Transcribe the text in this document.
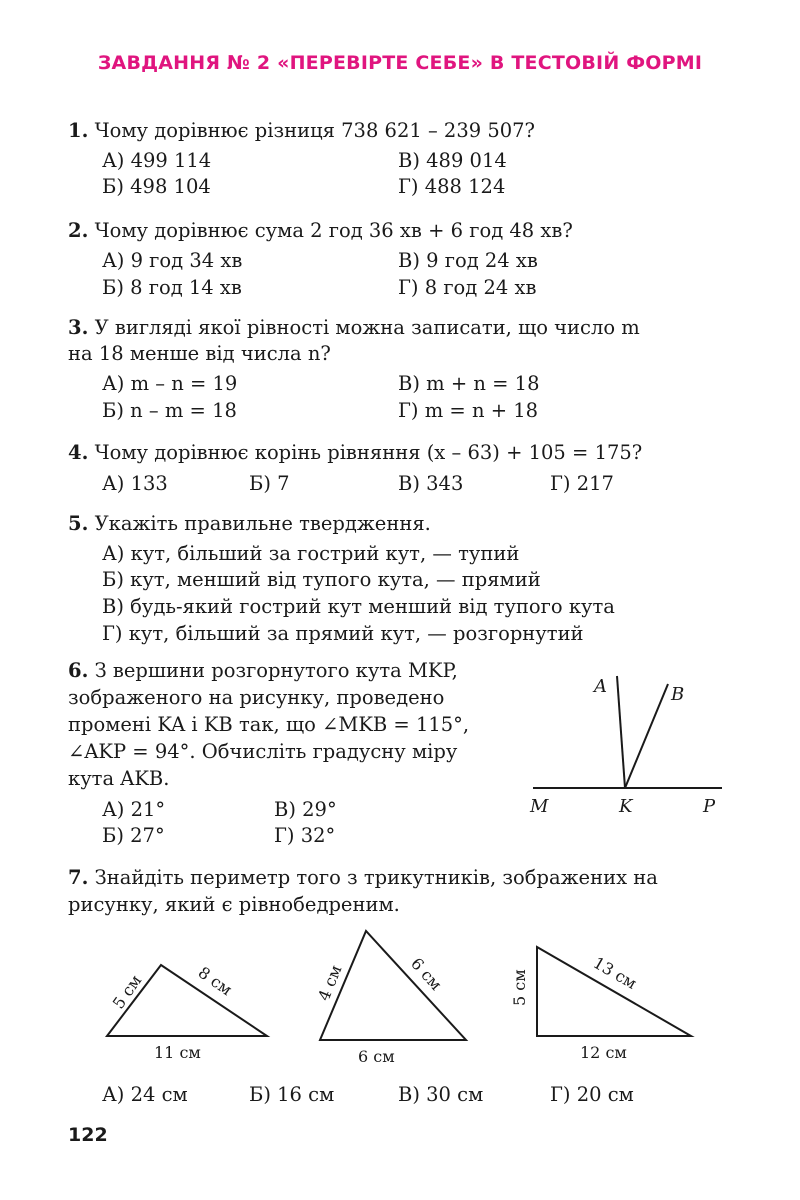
ЗАВДАННЯ № 2 «ПЕРЕВІРТЕ СЕБЕ» В ТЕСТОВІЙ ФОРМІ
1. Чому дорівнює різниця 738 621 – 239 507?
А) 499 114	В) 489 014
Б) 498 104	Г) 488 124
2. Чому дорівнює сума 2 год 36 хв + 6 год 48 хв?
А) 9 год 34 хв	В) 9 год 24 хв
Б) 8 год 14 хв	Г) 8 год 24 хв
3. У вигляді якої рівності можна записати, що число m
на 18 менше від числа n?
А) m – n = 19	В) m + n = 18
Б) n – m = 18	Г) m = n + 18
4. Чому дорівнює корінь рівняння (x – 63) + 105 = 175?
А) 133	Б) 7	В) 343	Г) 217
5. Укажіть правильне твердження.
А) кут, більший за гострий кут, — тупий
Б) кут, менший від тупого кута, — прямий
В) будь-який гострий кут менший від тупого кута
Г) кут, більший за прямий кут, — розгорнутий
6. З вершини розгорнутого кута MKP,
зображеного на рисунку, проведено
промені KA і KB так, що ∠MKB = 115°,
∠AKP = 94°. Обчисліть градусну міру
кута AKB.
А) 21°	В) 29°
Б) 27°	Г) 32°
A	B
M	K	P
7. Знайдіть периметр того з трикутників, зображених на
рисунку, який є рівнобедреним.
5 см	8 см
11 см
4 см	6 см
6 см
5 см	13 см
12 см
А) 24 см	Б) 16 см	В) 30 см	Г) 20 см
122
